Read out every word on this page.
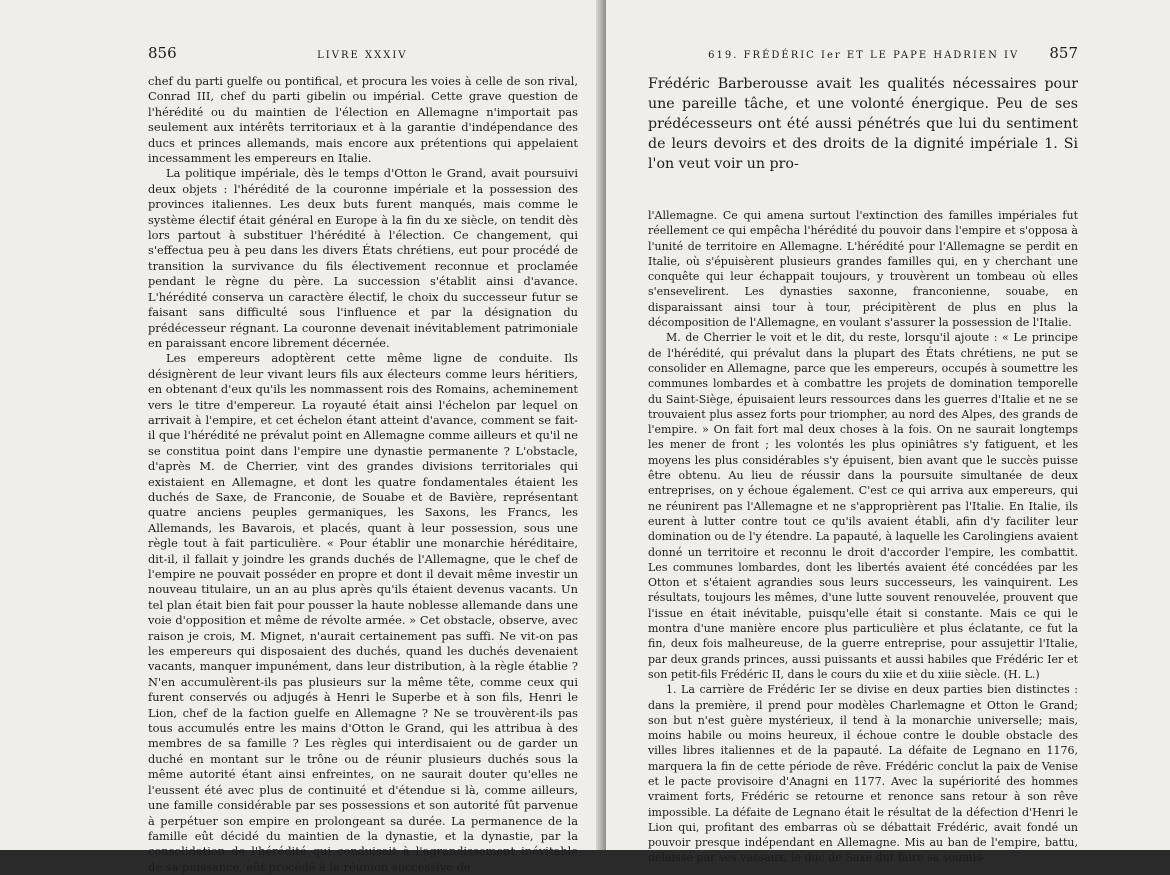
856	LIVRE XXXIV

chef du parti guelfe ou pontifical, et procura les voies à celle de son rival, Conrad III, chef du parti gibelin ou impérial. Cette grave question de l'hérédité ou du maintien de l'élection en Allemagne n'importait pas seulement aux intérêts territoriaux et à la garantie d'indépendance des ducs et princes allemands, mais encore aux prétentions qui appelaient incessamment les empereurs en Italie.

La politique impériale, dès le temps d'Otton le Grand, avait poursuivi deux objets : l'hérédité de la couronne impériale et la possession des provinces italiennes. Les deux buts furent manqués, mais comme le système électif était général en Europe à la fin du xe siècle, on tendit dès lors partout à substituer l'hérédité à l'élection. Ce changement, qui s'effectua peu à peu dans les divers États chrétiens, eut pour procédé de transition la survivance du fils électivement reconnue et proclamée pendant le règne du père. La succession s'établit ainsi d'avance. L'hérédité conserva un caractère électif, le choix du successeur futur se faisant sans difficulté sous l'influence et par la désignation du prédécesseur régnant. La couronne devenait inévitablement patrimoniale en paraissant encore librement décernée.

Les empereurs adoptèrent cette même ligne de conduite. Ils désignèrent de leur vivant leurs fils aux électeurs comme leurs héritiers, en obtenant d'eux qu'ils les nommassent rois des Romains, acheminement vers le titre d'empereur. La royauté était ainsi l'échelon par lequel on arrivait à l'empire, et cet échelon étant atteint d'avance, comment se fait-il que l'hérédité ne prévalut point en Allemagne comme ailleurs et qu'il ne se constitua point dans l'empire une dynastie permanente ? L'obstacle, d'après M. de Cherrier, vint des grandes divisions territoriales qui existaient en Allemagne, et dont les quatre fondamentales étaient les duchés de Saxe, de Franconie, de Souabe et de Bavière, représentant quatre anciens peuples germaniques, les Saxons, les Francs, les Allemands, les Bavarois, et placés, quant à leur possession, sous une règle tout à fait particulière. « Pour établir une monarchie héréditaire, dit-il, il fallait y joindre les grands duchés de l'Allemagne, que le chef de l'empire ne pouvait posséder en propre et dont il devait même investir un nouveau titulaire, un an au plus après qu'ils étaient devenus vacants. Un tel plan était bien fait pour pousser la haute noblesse allemande dans une voie d'opposition et même de révolte armée. » Cet obstacle, observe, avec raison je crois, M. Mignet, n'aurait certainement pas suffi. Ne vit-on pas les empereurs qui disposaient des duchés, quand les duchés devenaient vacants, manquer impunément, dans leur distribution, à la règle établie ? N'en accumulèrent-ils pas plusieurs sur la même tête, comme ceux qui furent conservés ou adjugés à Henri le Superbe et à son fils, Henri le Lion, chef de la faction guelfe en Allemagne ? Ne se trouvèrent-ils pas tous accumulés entre les mains d'Otton le Grand, qui les attribua à des membres de sa famille ? Les règles qui interdisaient ou de garder un duché en montant sur le trône ou de réunir plusieurs duchés sous la même autorité étant ainsi enfreintes, on ne saurait douter qu'elles ne l'eussent été avec plus de continuité et d'étendue si là, comme ailleurs, une famille considérable par ses possessions et son autorité fût parvenue à perpétuer son empire en prolongeant sa durée. La permanence de la famille eût décidé du maintien de la dynastie, et la dynastie, par la consolidation de l'hérédité qui conduisait à l'agrandissement inévitable de sa puissance, eût procédé à la réunion successive de

619. FRÉDÉRIC Ier ET LE PAPE HADRIEN IV 857

Frédéric Barberousse avait les qualités nécessaires pour une pareille tâche, et une volonté énergique. Peu de ses prédécesseurs ont été aussi pénétrés que lui du sentiment de leurs devoirs et des droits de la dignité impériale 1. Si l'on veut voir un pro-

l'Allemagne. Ce qui amena surtout l'extinction des familles impériales fut réellement ce qui empêcha l'hérédité du pouvoir dans l'empire et s'opposa à l'unité de territoire en Allemagne. L'hérédité pour l'Allemagne se perdit en Italie, où s'épuisèrent plusieurs grandes familles qui, en y cherchant une conquête qui leur échappait toujours, y trouvèrent un tombeau où elles s'ensevelirent. Les dynasties saxonne, franconienne, souabe, en disparaissant ainsi tour à tour, précipitèrent de plus en plus la décomposition de l'Allemagne, en voulant s'assurer la possession de l'Italie.

M. de Cherrier le voit et le dit, du reste, lorsqu'il ajoute : « Le principe de l'hérédité, qui prévalut dans la plupart des États chrétiens, ne put se consolider en Allemagne, parce que les empereurs, occupés à soumettre les communes lombardes et à combattre les projets de domination temporelle du Saint-Siège, épuisaient leurs ressources dans les guerres d'Italie et ne se trouvaient plus assez forts pour triompher, au nord des Alpes, des grands de l'empire. » On fait fort mal deux choses à la fois. On ne saurait longtemps les mener de front ; les volontés les plus opiniâtres s'y fatiguent, et les moyens les plus considérables s'y épuisent, bien avant que le succès puisse être obtenu. Au lieu de réussir dans la poursuite simultanée de deux entreprises, on y échoue également. C'est ce qui arriva aux empereurs, qui ne réunirent pas l'Allemagne et ne s'approprièrent pas l'Italie. En Italie, ils eurent à lutter contre tout ce qu'ils avaient établi, afin d'y faciliter leur domination ou de l'y étendre. La papauté, à laquelle les Carolingiens avaient donné un territoire et reconnu le droit d'accorder l'empire, les combattit. Les communes lombardes, dont les libertés avaient été concédées par les Otton et s'étaient agrandies sous leurs successeurs, les vainquirent. Les résultats, toujours les mêmes, d'une lutte souvent renouvelée, prouvent que l'issue en était inévitable, puisqu'elle était si constante. Mais ce qui le montra d'une manière encore plus particulière et plus éclatante, ce fut la fin, deux fois malheureuse, de la guerre entreprise, pour assujettir l'Italie, par deux grands princes, aussi puissants et aussi habiles que Frédéric Ier et son petit-fils Frédéric II, dans le cours du xiie et du xiiie siècle. (H. L.)

1. La carrière de Frédéric Ier se divise en deux parties bien distinctes : dans la première, il prend pour modèles Charlemagne et Otton le Grand; son but n'est guère mystérieux, il tend à la monarchie universelle; mais, moins habile ou moins heureux, il échoue contre le double obstacle des villes libres italiennes et de la papauté. La défaite de Legnano en 1176, marquera la fin de cette période de rêve. Frédéric conclut la paix de Venise et le pacte provisoire d'Anagni en 1177. Avec la supériorité des hommes vraiment forts, Frédéric se retourne et renonce sans retour à son rêve impossible. La défaite de Legnano était le résultat de la défection d'Henri le Lion qui, profitant des embarras où se débattait Frédéric, avait fondé un pouvoir presque indépendant en Allemagne. Mis au ban de l'empire, battu, délaissé par ses vassaux, le duc de Saxe dut faire sa soumis-
